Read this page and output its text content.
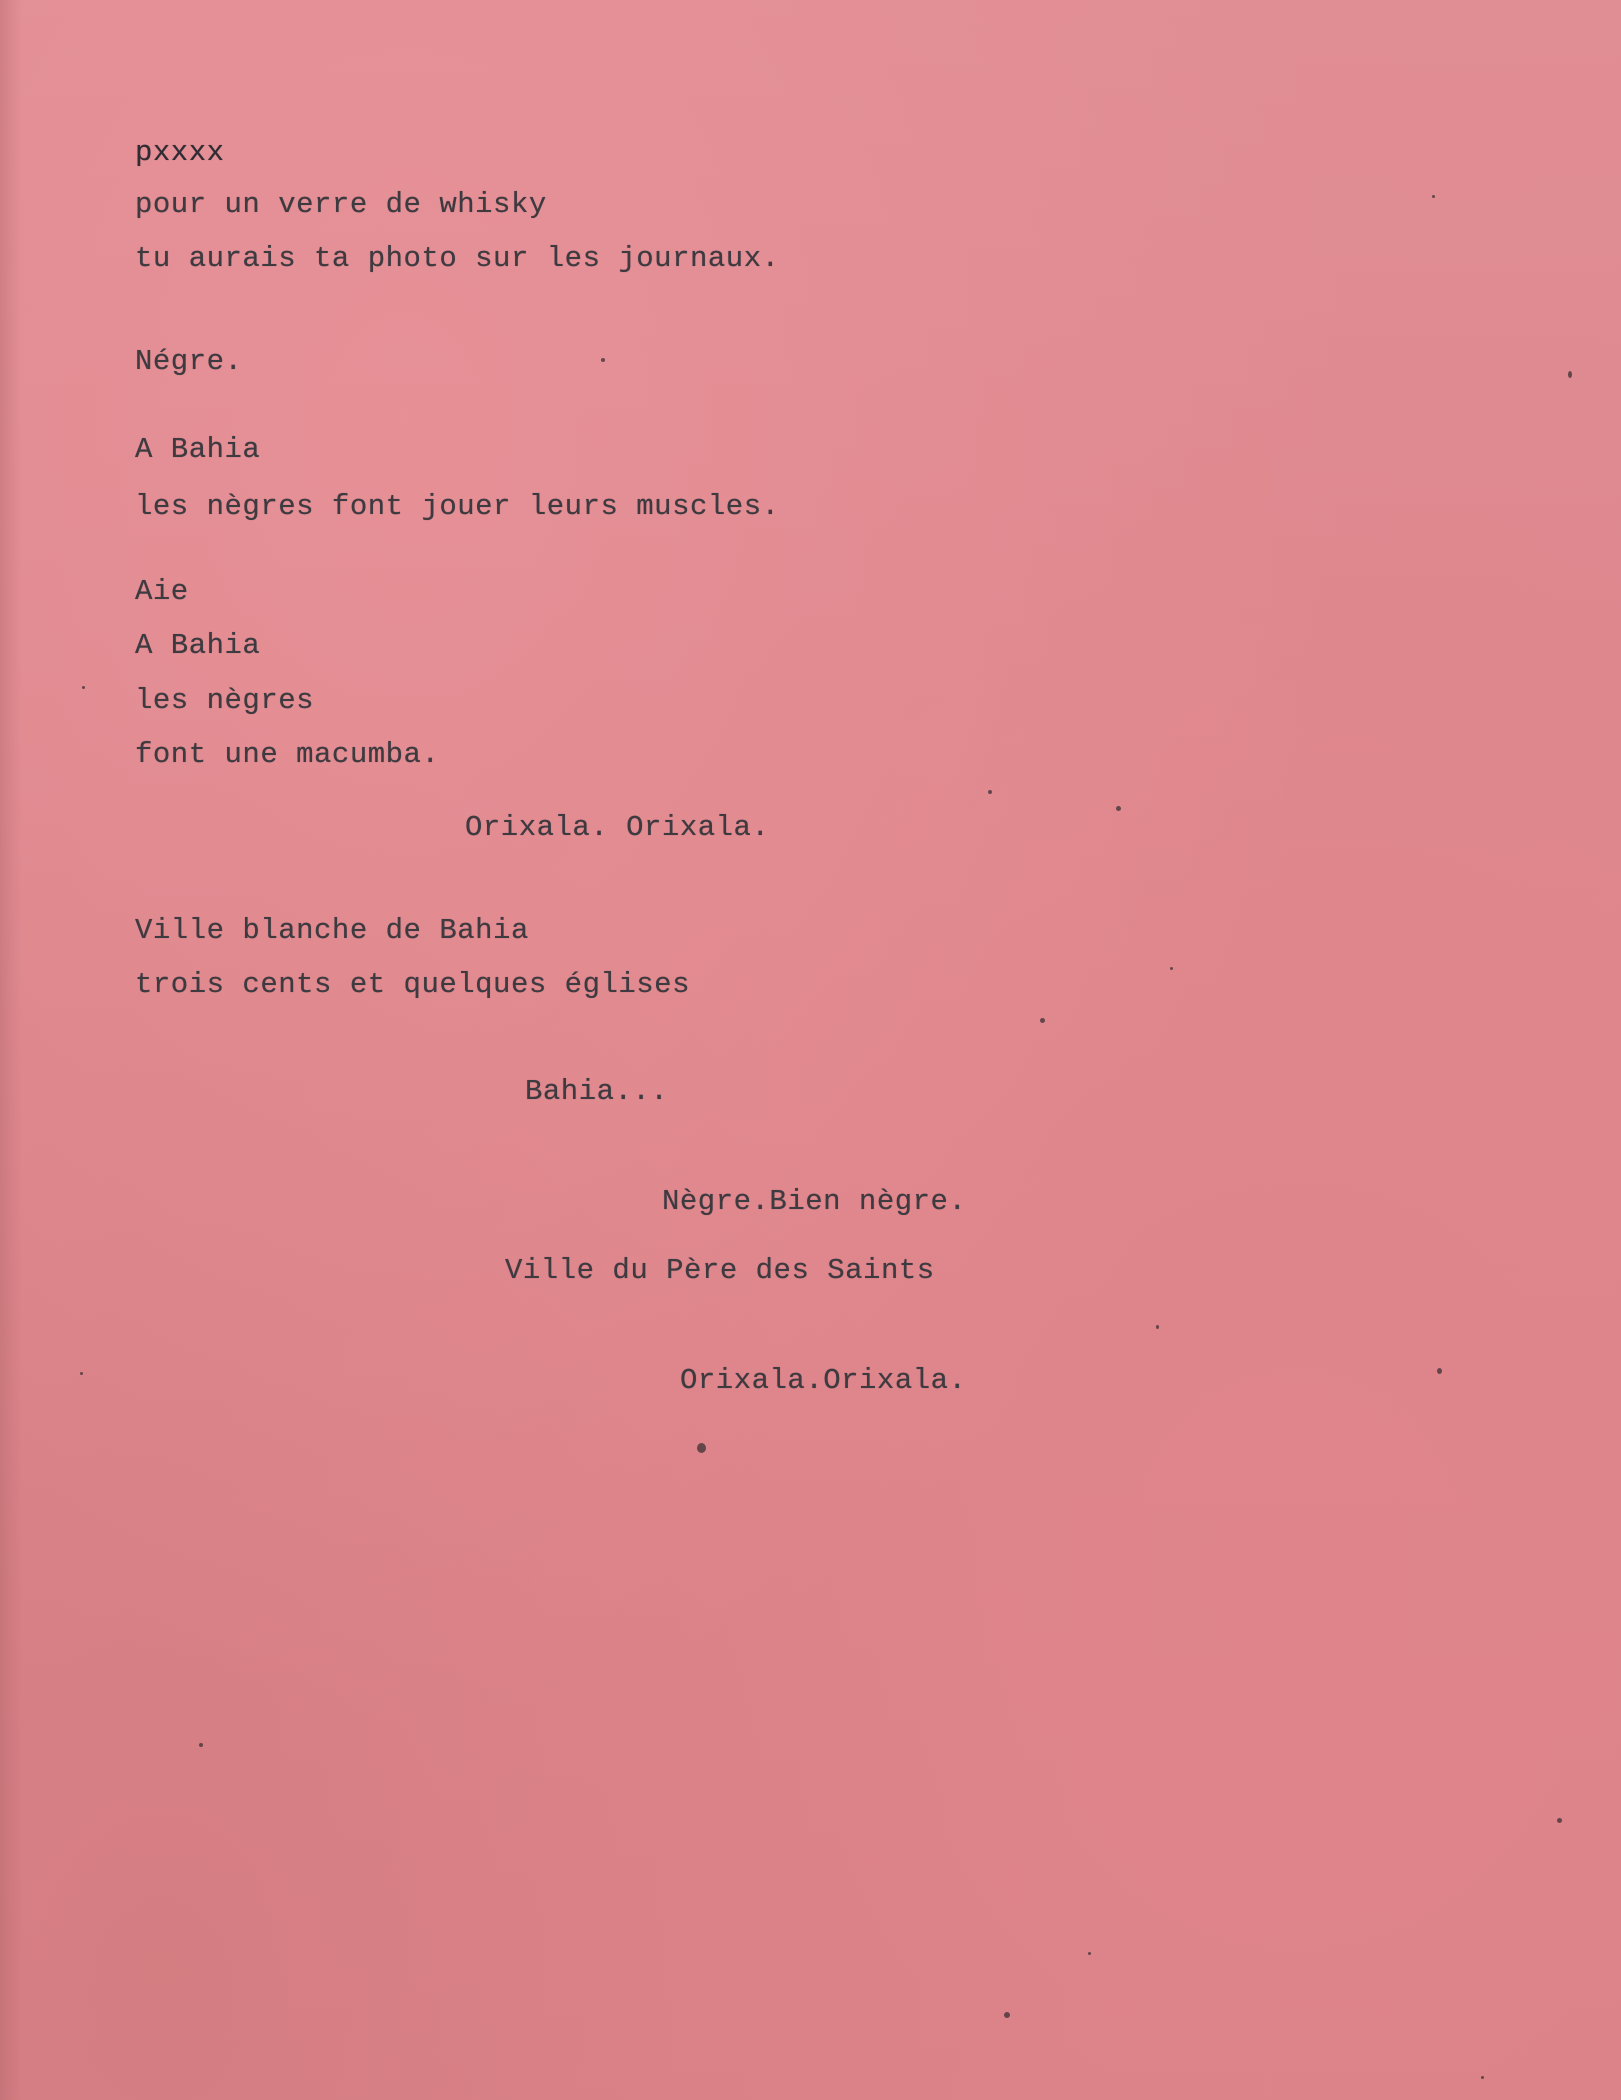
pxxxx

pour un verre de whisky

tu aurais ta photo sur les journaux.

Négre.

A Bahia

les nègres font jouer leurs muscles.

Aie

A Bahia

les nègres

font une macumba.

Orixala. Orixala.

Ville blanche de Bahia

trois cents et quelques églises

Bahia...

Nègre.Bien nègre.

Ville du Père des Saints

Orixala.Orixala.
